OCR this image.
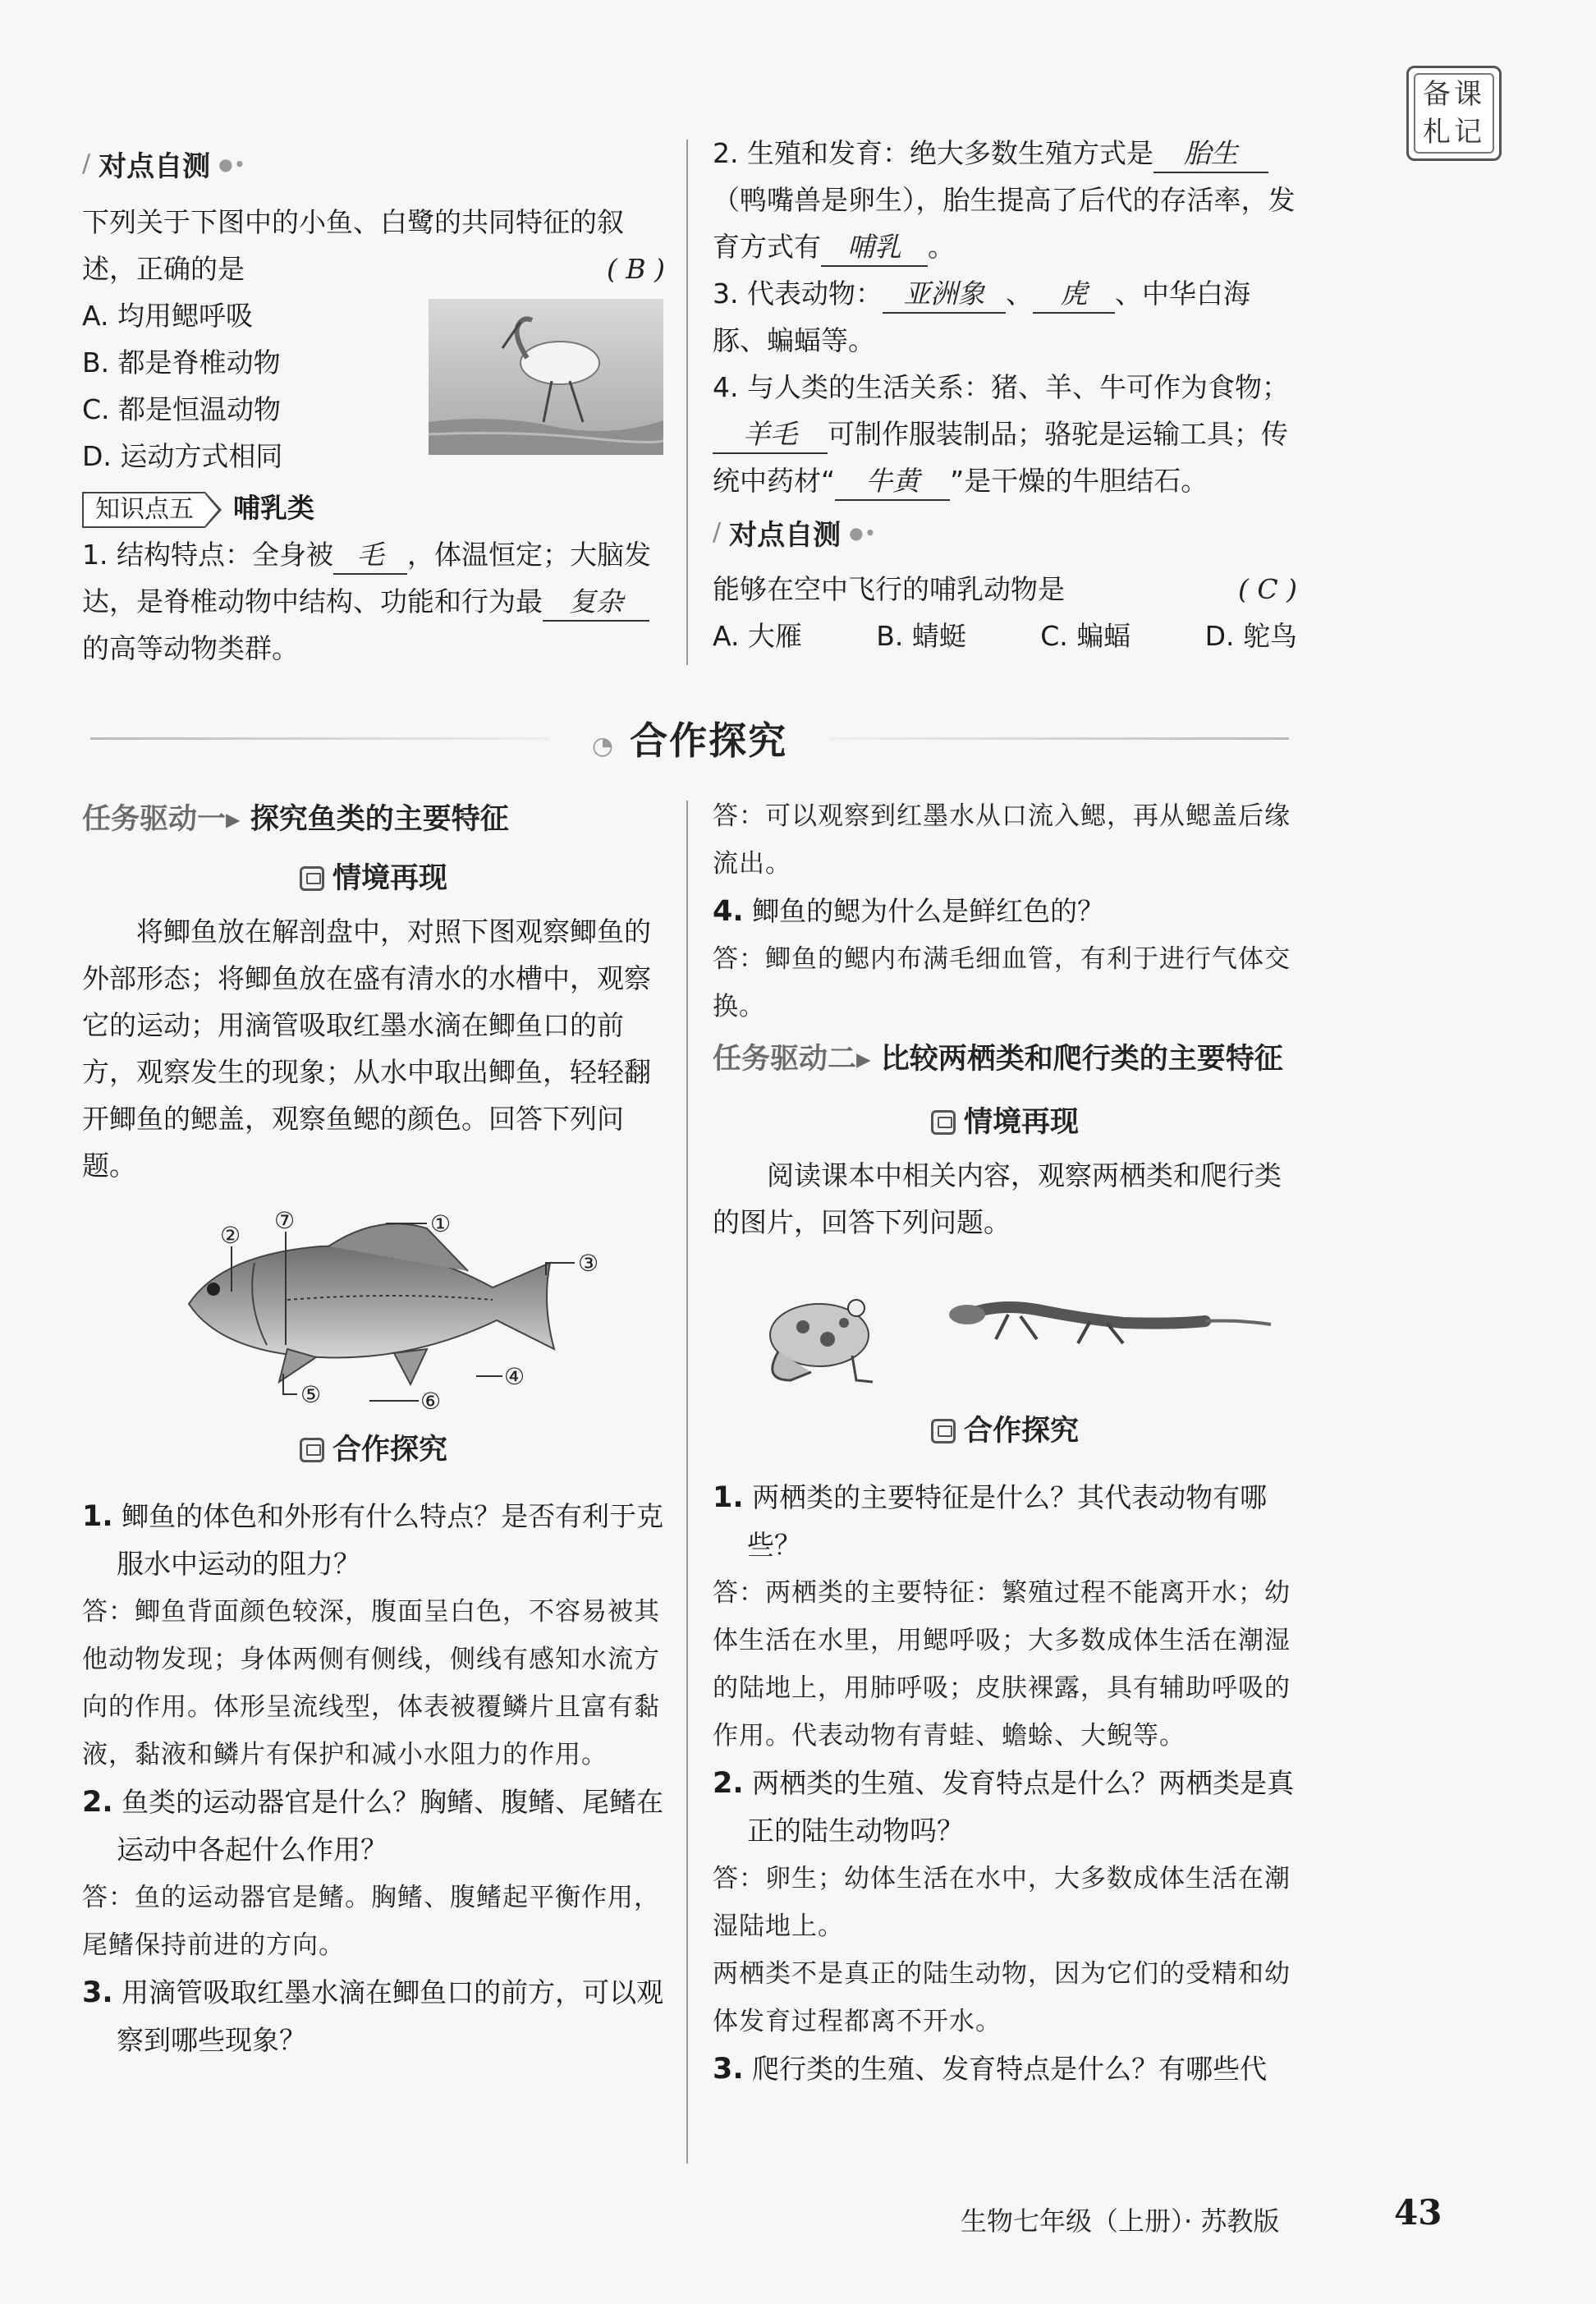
备课
札记
∕ 对点自测 ●•
下列关于下图中的小鱼、白鹭的共同特征的叙述，正确的是	( B )
A. 均用鳃呼吸
B. 都是脊椎动物
C. 都是恒温动物
D. 运动方式相同
知识点五 哺乳类
1. 结构特点：全身被 毛 ，体温恒定；大脑发达，是脊椎动物中结构、功能和行为最 复杂的高等动物类群。
2. 生殖和发育：绝大多数生殖方式是 胎生（鸭嘴兽是卵生），胎生提高了后代的存活率，发育方式有 哺乳 。
3. 代表动物： 亚洲象 、 虎 、中华白海豚、蝙蝠等。
4. 与人类的生活关系：猪、羊、牛可作为食物；羊毛 可制作服装制品；骆驼是运输工具；传统中药材“ 牛黄 ”是干燥的牛胆结石。
∕ 对点自测 ●•
能够在空中飞行的哺乳动物是	( C )
A. 大雁	B. 蜻蜓	C. 蝙蝠	D. 鸵鸟
◔ 合作探究
任务驱动一▸ 探究鱼类的主要特征
情境再现
将鲫鱼放在解剖盘中，对照下图观察鲫鱼的外部形态；将鲫鱼放在盛有清水的水槽中，观察它的运动；用滴管吸取红墨水滴在鲫鱼口的前方，观察发生的现象；从水中取出鲫鱼，轻轻翻开鲫鱼的鳃盖，观察鱼鳃的颜色。回答下列问题。
①
②
③
④
⑤	⑥
⑦
合作探究
1. 鲫鱼的体色和外形有什么特点？是否有利于克服水中运动的阻力？
答：鲫鱼背面颜色较深，腹面呈白色，不容易被其他动物发现；身体两侧有侧线，侧线有感知水流方向的作用。体形呈流线型，体表被覆鳞片且富有黏液，黏液和鳞片有保护和减小水阻力的作用。
2. 鱼类的运动器官是什么？胸鳍、腹鳍、尾鳍在运动中各起什么作用？
答：鱼的运动器官是鳍。胸鳍、腹鳍起平衡作用，尾鳍保持前进的方向。
3. 用滴管吸取红墨水滴在鲫鱼口的前方，可以观察到哪些现象？
答：可以观察到红墨水从口流入鳃，再从鳃盖后缘流出。
4. 鲫鱼的鳃为什么是鲜红色的？
答：鲫鱼的鳃内布满毛细血管，有利于进行气体交换。
任务驱动二▸ 比较两栖类和爬行类的主要特征
情境再现
阅读课本中相关内容，观察两栖类和爬行类的图片，回答下列问题。
合作探究
1. 两栖类的主要特征是什么？其代表动物有哪些？
答：两栖类的主要特征：繁殖过程不能离开水；幼体生活在水里，用鳃呼吸；大多数成体生活在潮湿的陆地上，用肺呼吸；皮肤裸露，具有辅助呼吸的作用。代表动物有青蛙、蟾蜍、大鲵等。
2. 两栖类的生殖、发育特点是什么？两栖类是真正的陆生动物吗？
答：卵生；幼体生活在水中，大多数成体生活在潮湿陆地上。
两栖类不是真正的陆生动物，因为它们的受精和幼体发育过程都离不开水。
3. 爬行类的生殖、发育特点是什么？有哪些代
生物七年级（上册）· 苏教版	43
